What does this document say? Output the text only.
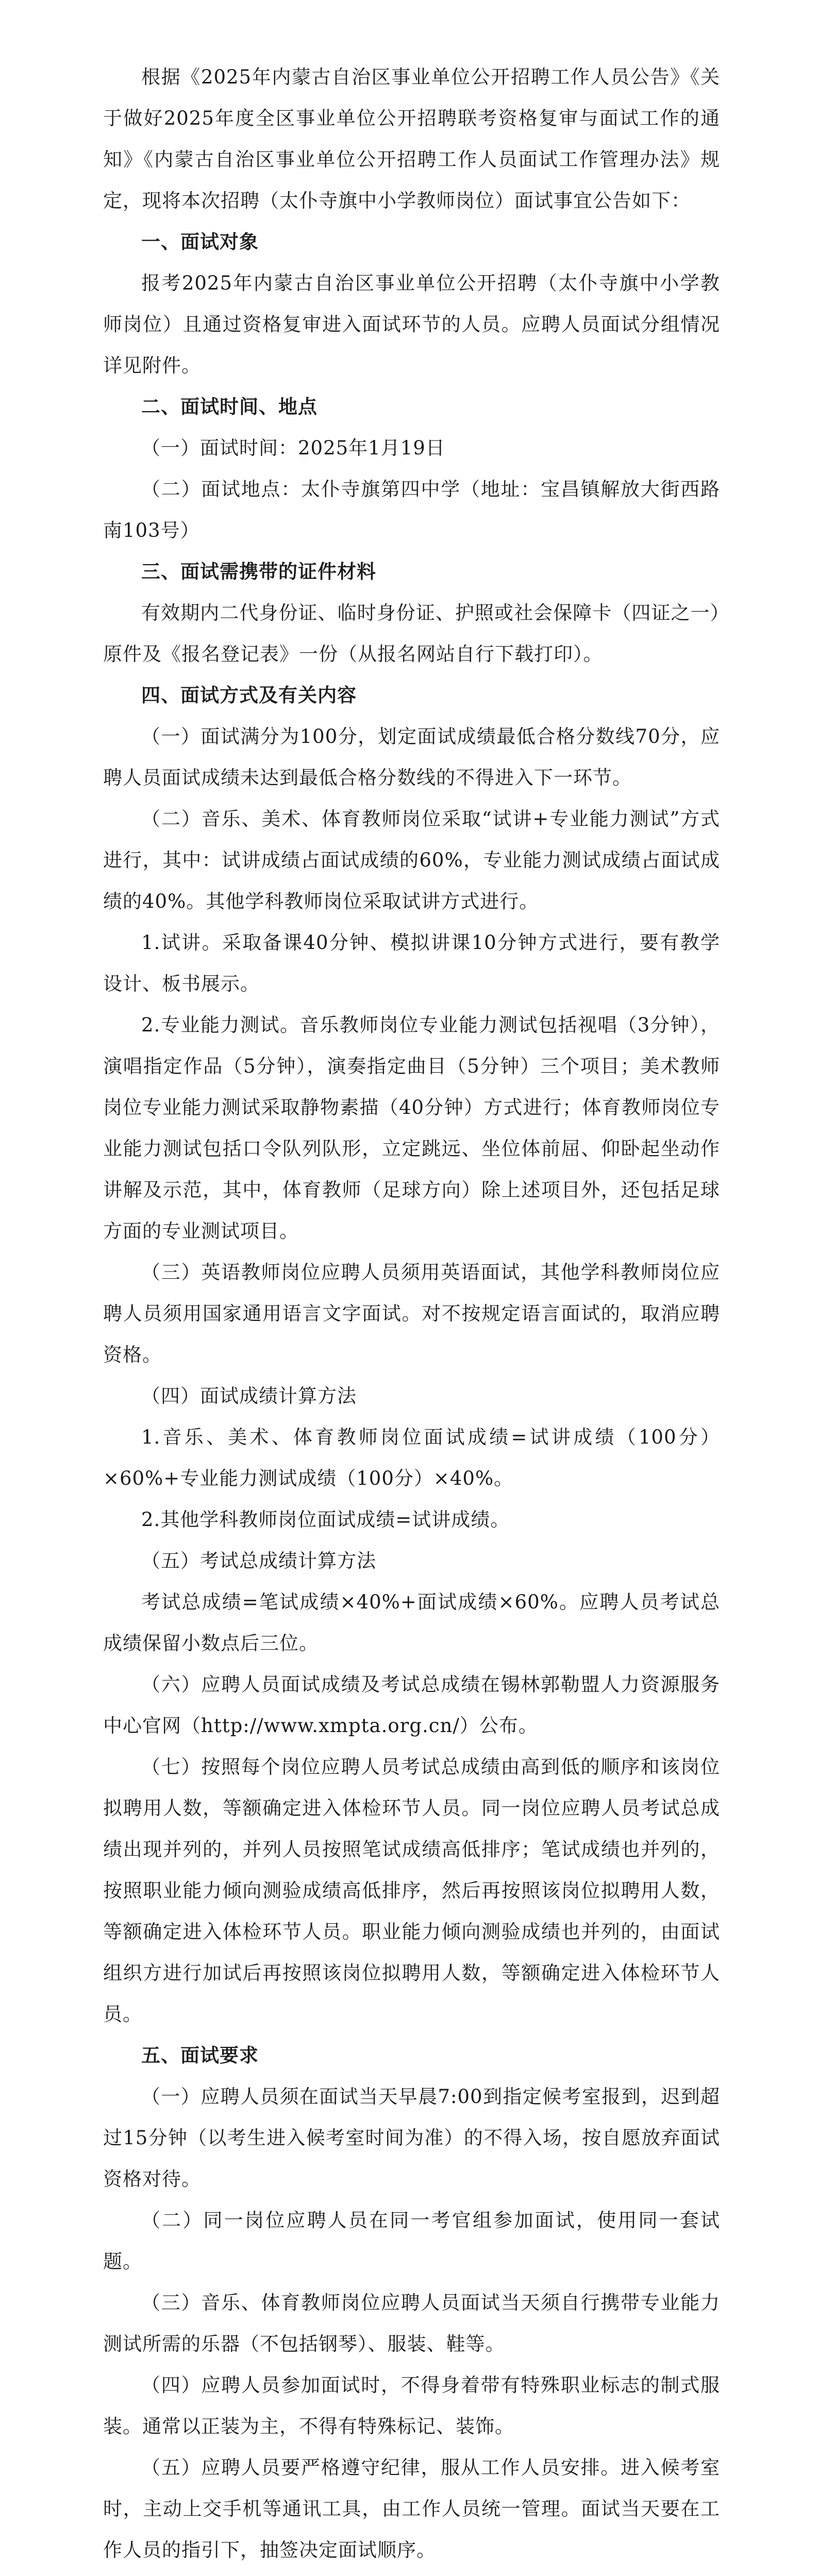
根据《2025年内蒙古自治区事业单位公开招聘工作人员公告》《关于做好2025年度全区事业单位公开招聘联考资格复审与面试工作的通知》《内蒙古自治区事业单位公开招聘工作人员面试工作管理办法》规定，现将本次招聘（太仆寺旗中小学教师岗位）面试事宜公告如下：

一、面试对象

报考2025年内蒙古自治区事业单位公开招聘（太仆寺旗中小学教师岗位）且通过资格复审进入面试环节的人员。应聘人员面试分组情况详见附件。

二、面试时间、地点

（一）面试时间：2025年1月19日

（二）面试地点：太仆寺旗第四中学（地址：宝昌镇解放大街西路南103号）

三、面试需携带的证件材料

有效期内二代身份证、临时身份证、护照或社会保障卡（四证之一）原件及《报名登记表》一份（从报名网站自行下载打印）。

四、面试方式及有关内容

（一）面试满分为100分，划定面试成绩最低合格分数线70分，应聘人员面试成绩未达到最低合格分数线的不得进入下一环节。

（二）音乐、美术、体育教师岗位采取“试讲+专业能力测试”方式进行，其中：试讲成绩占面试成绩的60%，专业能力测试成绩占面试成绩的40%。其他学科教师岗位采取试讲方式进行。

1.试讲。采取备课40分钟、模拟讲课10分钟方式进行，要有教学设计、板书展示。

2.专业能力测试。音乐教师岗位专业能力测试包括视唱（3分钟），演唱指定作品（5分钟），演奏指定曲目（5分钟）三个项目；美术教师岗位专业能力测试采取静物素描（40分钟）方式进行；体育教师岗位专业能力测试包括口令队列队形，立定跳远、坐位体前屈、仰卧起坐动作讲解及示范，其中，体育教师（足球方向）除上述项目外，还包括足球方面的专业测试项目。

（三）英语教师岗位应聘人员须用英语面试，其他学科教师岗位应聘人员须用国家通用语言文字面试。对不按规定语言面试的，取消应聘资格。

（四）面试成绩计算方法

1.音乐、美术、体育教师岗位面试成绩=试讲成绩（100分）×60%+专业能力测试成绩（100分）×40%。

2.其他学科教师岗位面试成绩=试讲成绩。

（五）考试总成绩计算方法

考试总成绩=笔试成绩×40%+面试成绩×60%。应聘人员考试总成绩保留小数点后三位。

（六）应聘人员面试成绩及考试总成绩在锡林郭勒盟人力资源服务中心官网（http://www.xmpta.org.cn/）公布。

（七）按照每个岗位应聘人员考试总成绩由高到低的顺序和该岗位拟聘用人数，等额确定进入体检环节人员。同一岗位应聘人员考试总成绩出现并列的，并列人员按照笔试成绩高低排序；笔试成绩也并列的，按照职业能力倾向测验成绩高低排序，然后再按照该岗位拟聘用人数，等额确定进入体检环节人员。职业能力倾向测验成绩也并列的，由面试组织方进行加试后再按照该岗位拟聘用人数，等额确定进入体检环节人员。

五、面试要求

（一）应聘人员须在面试当天早晨7:00到指定候考室报到，迟到超过15分钟（以考生进入候考室时间为准）的不得入场，按自愿放弃面试资格对待。

（二）同一岗位应聘人员在同一考官组参加面试，使用同一套试题。

（三）音乐、体育教师岗位应聘人员面试当天须自行携带专业能力测试所需的乐器（不包括钢琴）、服装、鞋等。

（四）应聘人员参加面试时，不得身着带有特殊职业标志的制式服装。通常以正装为主，不得有特殊标记、装饰。

（五）应聘人员要严格遵守纪律，服从工作人员安排。进入候考室时，主动上交手机等通讯工具，由工作人员统一管理。面试当天要在工作人员的指引下，抽签决定面试顺序。
